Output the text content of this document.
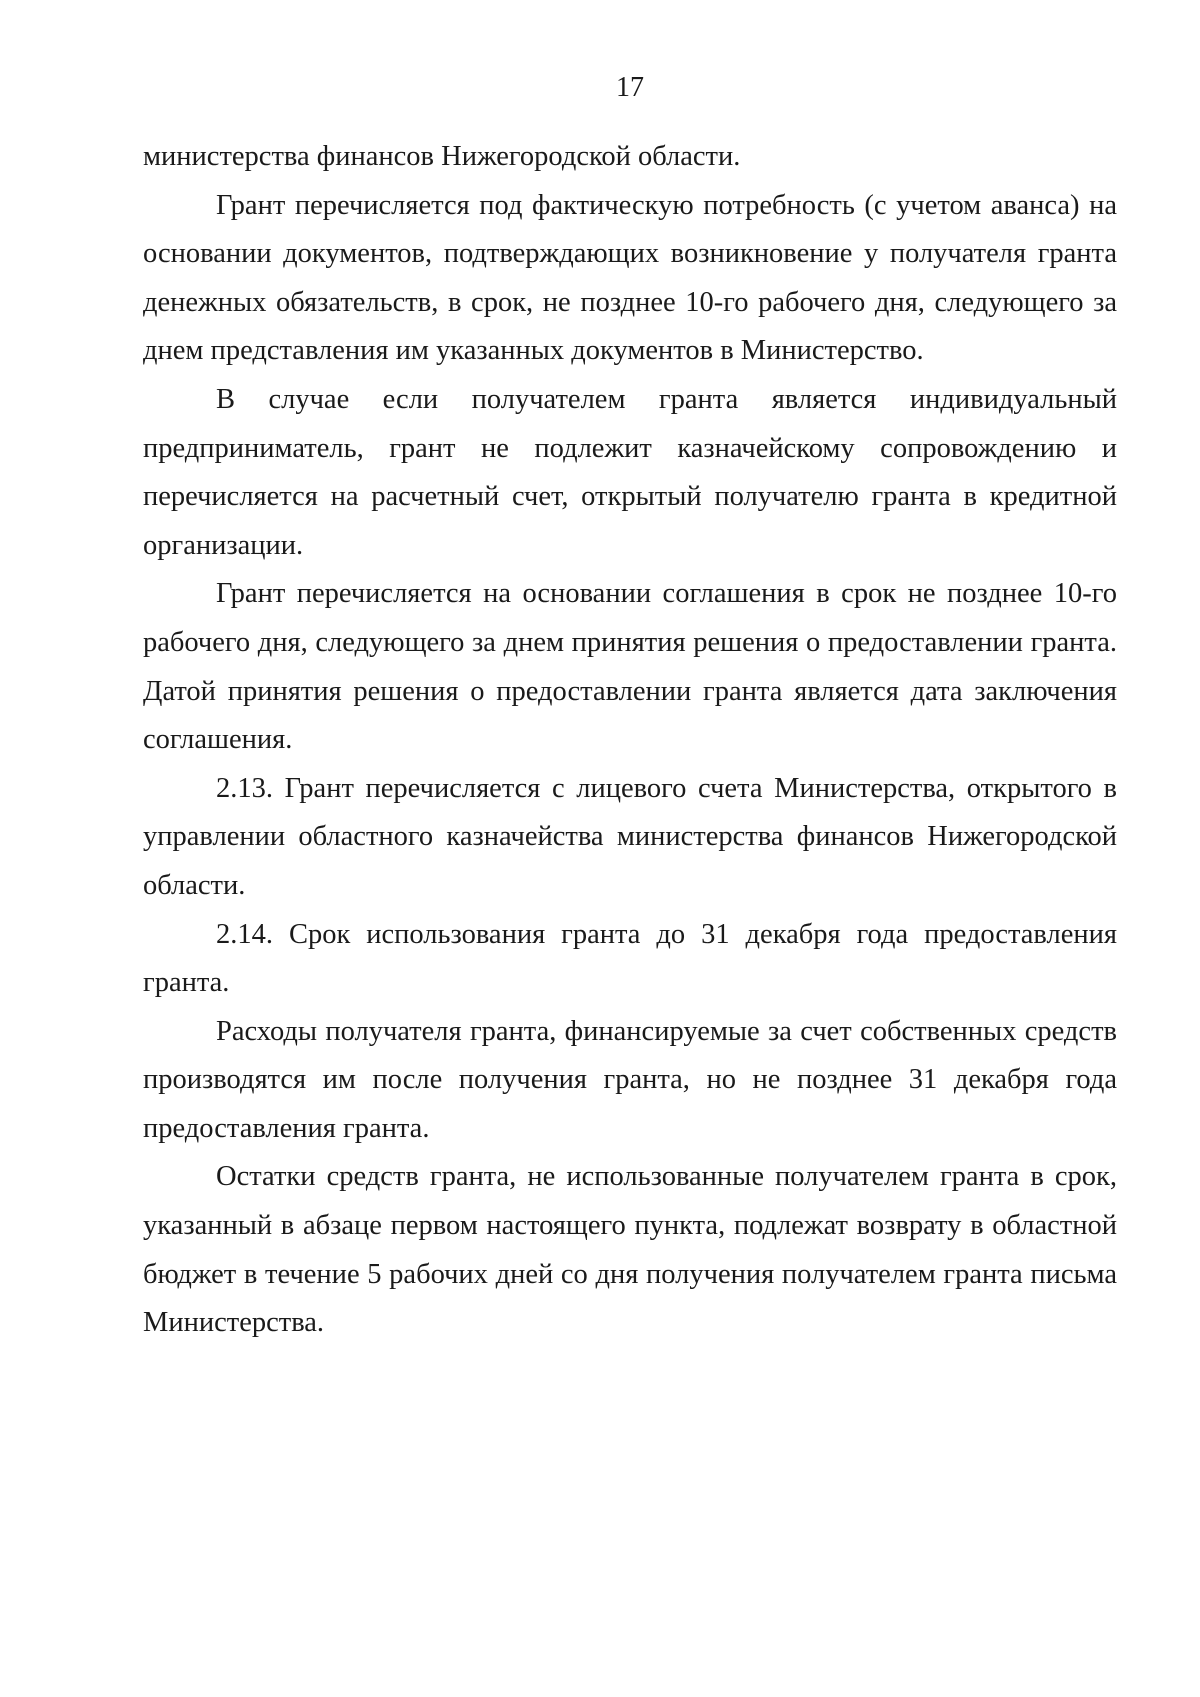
17

министерства финансов Нижегородской области.

Грант перечисляется под фактическую потребность (с учетом аванса) на основании документов, подтверждающих возникновение у получателя гранта денежных обязательств, в срок, не позднее 10-го рабочего дня, следующего за днем представления им указанных документов в Министерство.

В случае если получателем гранта является индивидуальный предприниматель, грант не подлежит казначейскому сопровождению и перечисляется на расчетный счет, открытый получателю гранта в кредитной организации.

Грант перечисляется на основании соглашения в срок не позднее 10-го рабочего дня, следующего за днем принятия решения о предоставлении гранта. Датой принятия решения о предоставлении гранта является дата заключения соглашения.

2.13. Грант перечисляется с лицевого счета Министерства, открытого в управлении областного казначейства министерства финансов Нижегородской области.

2.14. Срок использования гранта до 31 декабря года предоставления гранта.

Расходы получателя гранта, финансируемые за счет собственных средств производятся им после получения гранта, но не позднее 31 декабря года предоставления гранта.

Остатки средств гранта, не использованные получателем гранта в срок, указанный в абзаце первом настоящего пункта, подлежат возврату в областной бюджет в течение 5 рабочих дней со дня получения получателем гранта письма Министерства.
